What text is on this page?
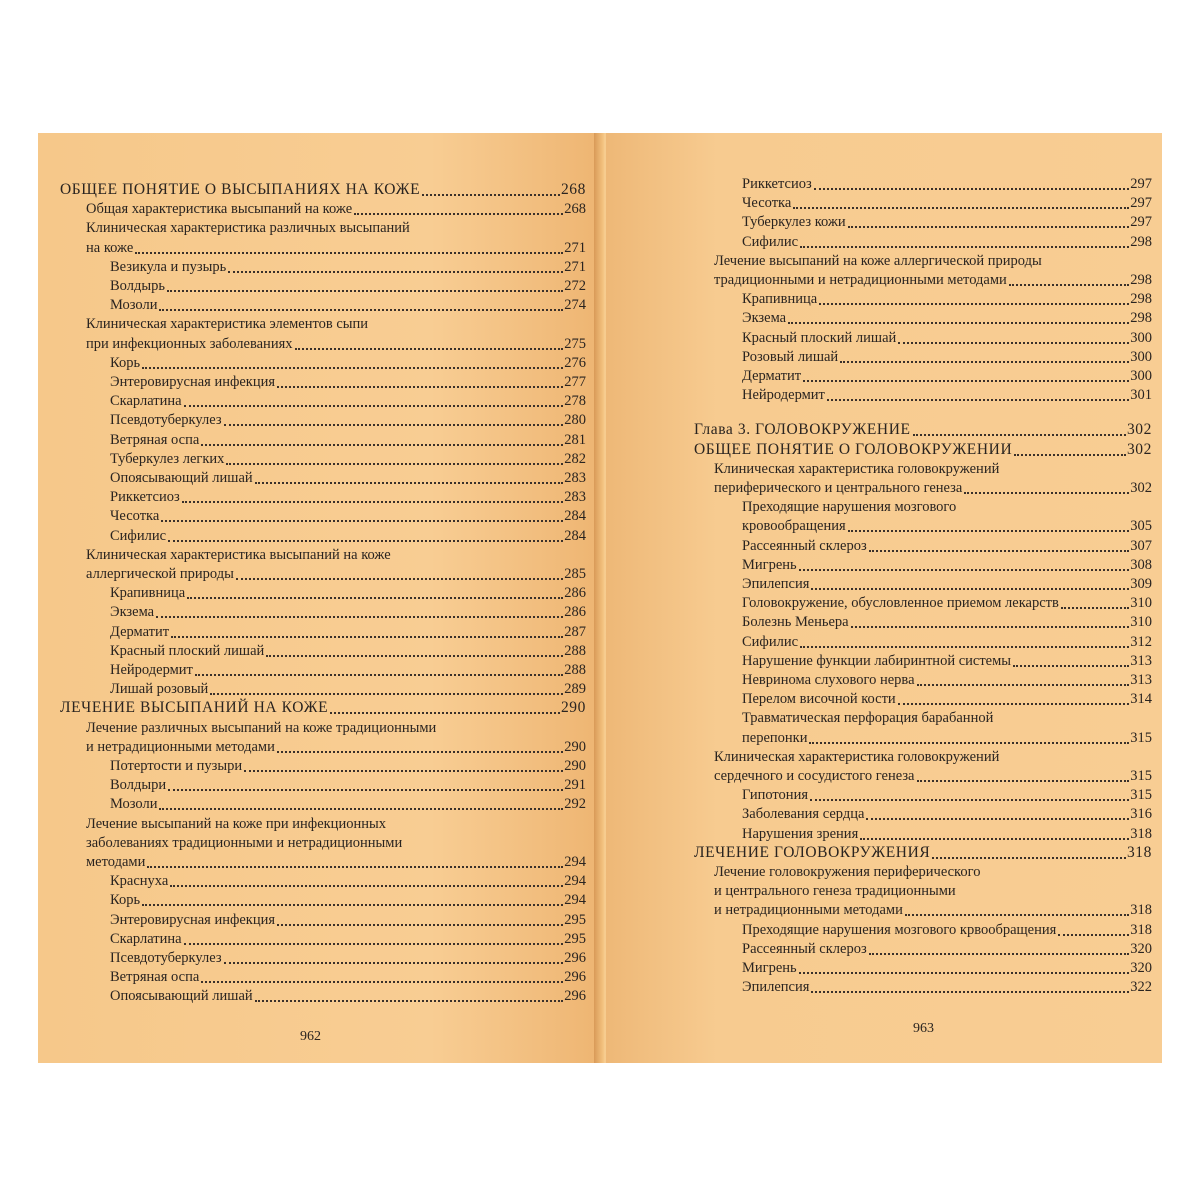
ОБЩЕЕ ПОНЯТИЕ О ВЫСЫПАНИЯХ НА КОЖЕ	268
Общая характеристика высыпаний на коже	268
Клиническая характеристика различных высыпаний
на коже	271
Везикула и пузырь	271
Волдырь	272
Мозоли	274
Клиническая характеристика элементов сыпи
при инфекционных заболеваниях	275
Корь	276
Энтеровирусная инфекция	277
Скарлатина	278
Псевдотуберкулез	280
Ветряная оспа	281
Туберкулез легких	282
Опоясывающий лишай	283
Риккетсиоз	283
Чесотка	284
Сифилис	284
Клиническая характеристика высыпаний на коже
аллергической природы	285
Крапивница	286
Экзема	286
Дерматит	287
Красный плоский лишай	288
Нейродермит	288
Лишай розовый	289
ЛЕЧЕНИЕ ВЫСЫПАНИЙ НА КОЖЕ	290
Лечение различных высыпаний на коже традиционными
и нетрадиционными методами	290
Потертости и пузыри	290
Волдыри	291
Мозоли	292
Лечение высыпаний на коже при инфекционных
заболеваниях традиционными и нетрадиционными
методами	294
Краснуха	294
Корь	294
Энтеровирусная инфекция	295
Скарлатина	295
Псевдотуберкулез	296
Ветряная оспа	296
Опоясывающий лишай	296
962
Риккетсиоз	297
Чесотка	297
Туберкулез кожи	297
Сифилис	298
Лечение высыпаний на коже аллергической природы
традиционными и нетрадиционными методами	298
Крапивница	298
Экзема	298
Красный плоский лишай	300
Розовый лишай	300
Дерматит	300
Нейродермит	301
Глава 3. ГОЛОВОКРУЖЕНИЕ	302
ОБЩЕЕ ПОНЯТИЕ О ГОЛОВОКРУЖЕНИИ	302
Клиническая характеристика головокружений
периферического и центрального генеза	302
Преходящие нарушения мозгового
кровообращения	305
Рассеянный склероз	307
Мигрень	308
Эпилепсия	309
Головокружение, обусловленное приемом лекарств	310
Болезнь Меньера	310
Сифилис	312
Нарушение функции лабиринтной системы	313
Невринома слухового нерва	313
Перелом височной кости	314
Травматическая перфорация барабанной
перепонки	315
Клиническая характеристика головокружений
сердечного и сосудистого генеза	315
Гипотония	315
Заболевания сердца	316
Нарушения зрения	318
ЛЕЧЕНИЕ ГОЛОВОКРУЖЕНИЯ	318
Лечение головокружения периферического
и центрального генеза традиционными
и нетрадиционными методами	318
Преходящие нарушения мозгового крвообращения	318
Рассеянный склероз	320
Мигрень	320
Эпилепсия	322
963
